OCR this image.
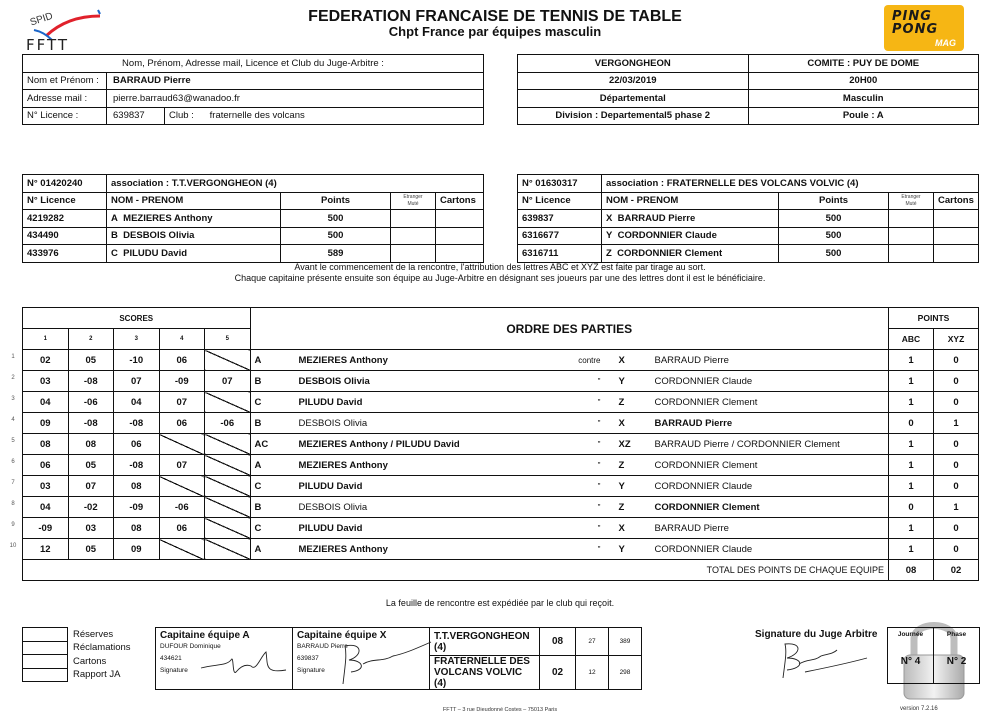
SPID
FFTT
FEDERATION FRANCAISE DE TENNIS DE TABLE
Chpt France par équipes masculin
PING
PONG
MAG
Nom, Prénom, Adresse mail, Licence et Club du Juge-Arbitre :		
Nom et Prénom :	BARRAUD Pierre	
Adresse mail :	pierre.barraud63@wanadoo.fr	
N° Licence :	639837	Club : fraternelle des volcans
VERGONGHEON	COMITE : PUY DE DOME
22/03/2019	20H00
Départemental	Masculin
Division : Departemental5 phase 2	Poule : A
N° 01420240	association : T.T.VERGONGHEON (4)			
N° Licence	NOM - PRENOM	Points	Etranger
Muté	Cartons
4219282	A MEZIERES Anthony	500		
434490	B DESBOIS Olivia	500		
433976	C PILUDU David	589		
N° 01630317	association : FRATERNELLE DES VOLCANS VOLVIC (4)			
N° Licence	NOM - PRENOM	Points	Etranger
Muté	Cartons
639837	X BARRAUD Pierre	500		
6316677	Y CORDONNIER Claude	500		
6316711	Z CORDONNIER Clement	500		
Avant le commencement de la rencontre, l'attribution des lettres ABC et XYZ est faite par tirage au sort.
Chaque capitaine présente ensuite son équipe au Juge-Arbitre en désignant ses joueurs par une des lettres dont il est le bénéficiaire.
SCORES					ORDRE DES PARTIES	POINTS	
1	2	3	4	5		ABC	XYZ
02	05	-10	06		A MEZIERES Anthony contre X BARRAUD Pierre	1	0
03	-08	07	-09	07	B DESBOIS Olivia " Y CORDONNIER Claude	1	0
04	-06	04	07		C PILUDU David " Z CORDONNIER Clement	1	0
09	-08	-08	06	-06	B DESBOIS Olivia " X BARRAUD Pierre	0	1
08	08	06			AC MEZIERES Anthony / PILUDU David " XZ BARRAUD Pierre / CORDONNIER Clement	1	0
06	05	-08	07		A MEZIERES Anthony " Z CORDONNIER Clement	1	0
03	07	08			C PILUDU David " Y CORDONNIER Claude	1	0
04	-02	-09	-06		B DESBOIS Olivia " Z CORDONNIER Clement	0	1
-09	03	08	06		C PILUDU David " X BARRAUD Pierre	1	0
12	05	09			A MEZIERES Anthony " Y CORDONNIER Claude	1	0
TOTAL DES POINTS DE CHAQUE EQUIPE						08	02
1
2
3
4
5
6
7
8
9
10
La feuille de rencontre est expédiée par le club qui reçoit.
	Réserves
	Réclamations
	Cartons
	Rapport JA
Capitaine équipe A
DUFOUR Dominique
434621
Signature

Capitaine équipe X
BARRAUD Pierre
639837
Signature
	T.T.VERGONGHEON (4)	08	27	389
		FRATERNELLE DES VOLCANS VOLVIC (4)	02	12	298
Signature du Juge Arbitre	Journée
N° 4

Phase
N° 2
FFTT – 3 rue Dieudonné Costes – 75013 Paris	version 7.2.16
